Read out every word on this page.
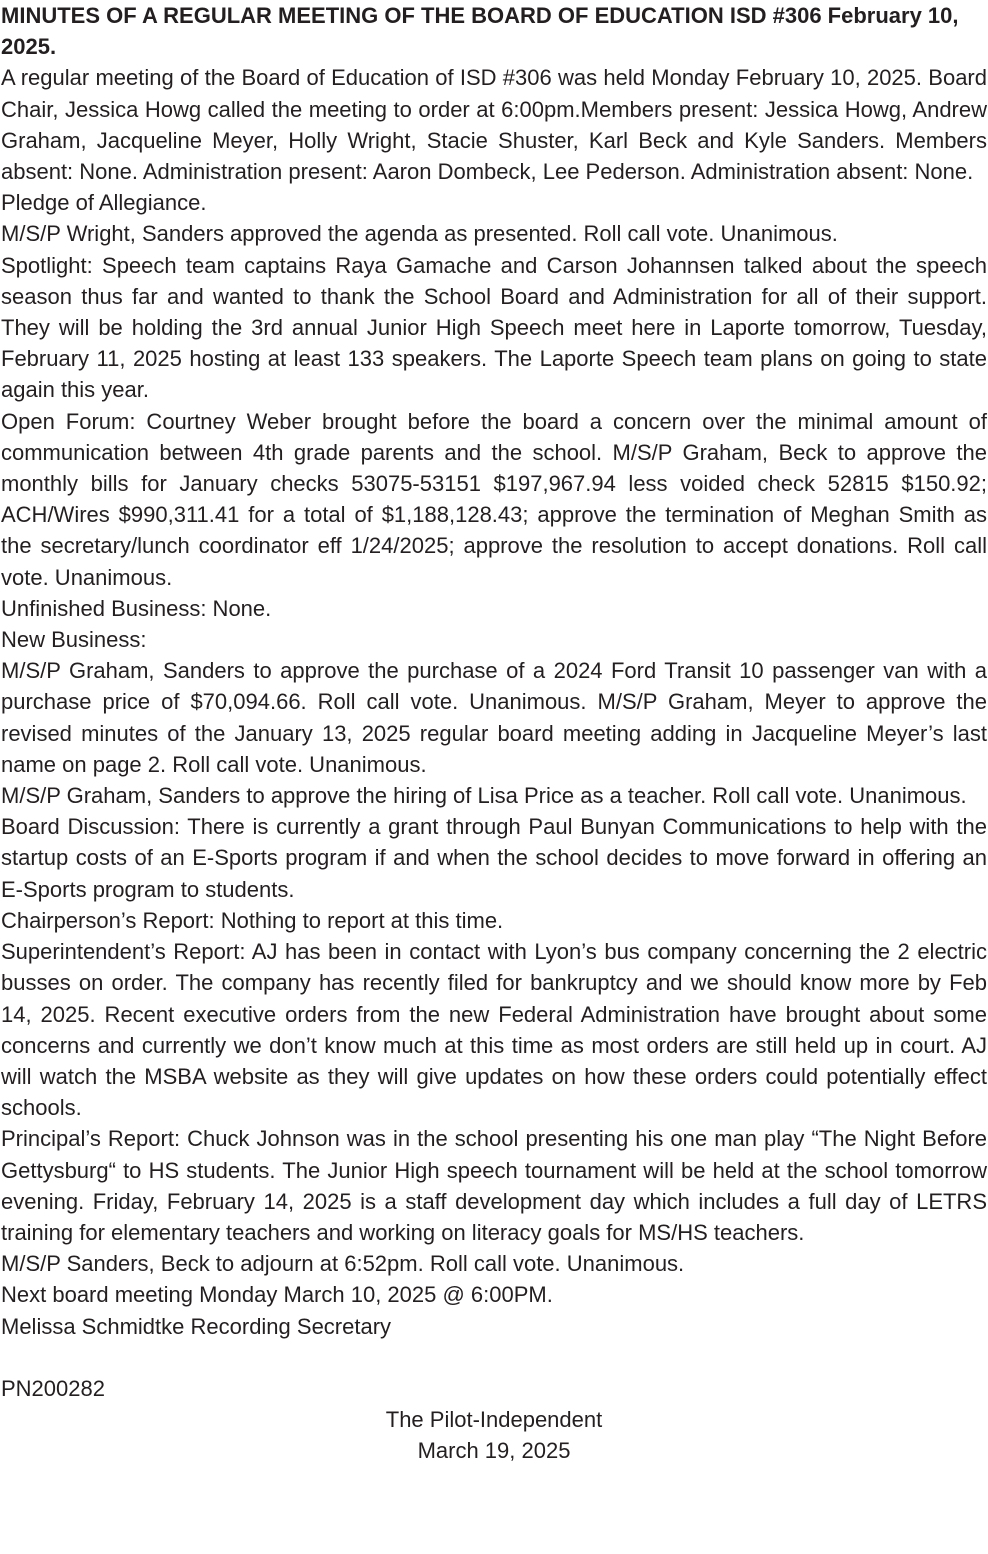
MINUTES OF A REGULAR MEETING OF THE BOARD OF EDUCATION ISD #306 February 10, 2025.

A regular meeting of the Board of Education of ISD #306 was held Monday February 10, 2025. Board Chair, Jessica Howg called the meeting to order at 6:00pm.Members present: Jessica Howg, Andrew Graham, Jacqueline Meyer, Holly Wright, Stacie Shuster, Karl Beck and Kyle Sanders. Members absent: None. Administration present: Aaron Dombeck, Lee Pederson. Administration absent: None.

Pledge of Allegiance.

M/S/P Wright, Sanders approved the agenda as presented. Roll call vote. Unanimous.

Spotlight: Speech team captains Raya Gamache and Carson Johannsen talked about the speech season thus far and wanted to thank the School Board and Administration for all of their support. They will be holding the 3rd annual Junior High Speech meet here in Laporte tomorrow, Tuesday, February 11, 2025 hosting at least 133 speakers. The Laporte Speech team plans on going to state again this year.

Open Forum: Courtney Weber brought before the board a concern over the minimal amount of communication between 4th grade parents and the school. M/S/P Graham, Beck to approve the monthly bills for January checks 53075-53151 $197,967.94 less voided check 52815 $150.92; ACH/Wires $990,311.41 for a total of $1,188,128.43; approve the termination of Meghan Smith as the secretary/lunch coordinator eff 1/24/2025; approve the resolution to accept donations. Roll call vote. Unanimous.

Unfinished Business: None.

New Business:

M/S/P Graham, Sanders to approve the purchase of a 2024 Ford Transit 10 passenger van with a purchase price of $70,094.66. Roll call vote. Unanimous. M/S/P Graham, Meyer to approve the revised minutes of the January 13, 2025 regular board meeting adding in Jacqueline Meyer’s last name on page 2. Roll call vote. Unanimous.

M/S/P Graham, Sanders to approve the hiring of Lisa Price as a teacher. Roll call vote. Unanimous.

Board Discussion: There is currently a grant through Paul Bunyan Communications to help with the startup costs of an E-Sports program if and when the school decides to move forward in offering an E-Sports program to students.

Chairperson’s Report: Nothing to report at this time.

Superintendent’s Report: AJ has been in contact with Lyon’s bus company concerning the 2 electric busses on order. The company has recently filed for bankruptcy and we should know more by Feb 14, 2025. Recent executive orders from the new Federal Administration have brought about some concerns and currently we don’t know much at this time as most orders are still held up in court. AJ will watch the MSBA website as they will give updates on how these orders could potentially effect schools.

Principal’s Report: Chuck Johnson was in the school presenting his one man play “The Night Before Gettysburg“ to HS students. The Junior High speech tournament will be held at the school tomorrow evening. Friday, February 14, 2025 is a staff development day which includes a full day of LETRS training for elementary teachers and working on literacy goals for MS/HS teachers.

M/S/P Sanders, Beck to adjourn at 6:52pm. Roll call vote. Unanimous.

Next board meeting Monday March 10, 2025 @ 6:00PM.

Melissa Schmidtke Recording Secretary

PN200282

The Pilot-Independent

March 19, 2025
